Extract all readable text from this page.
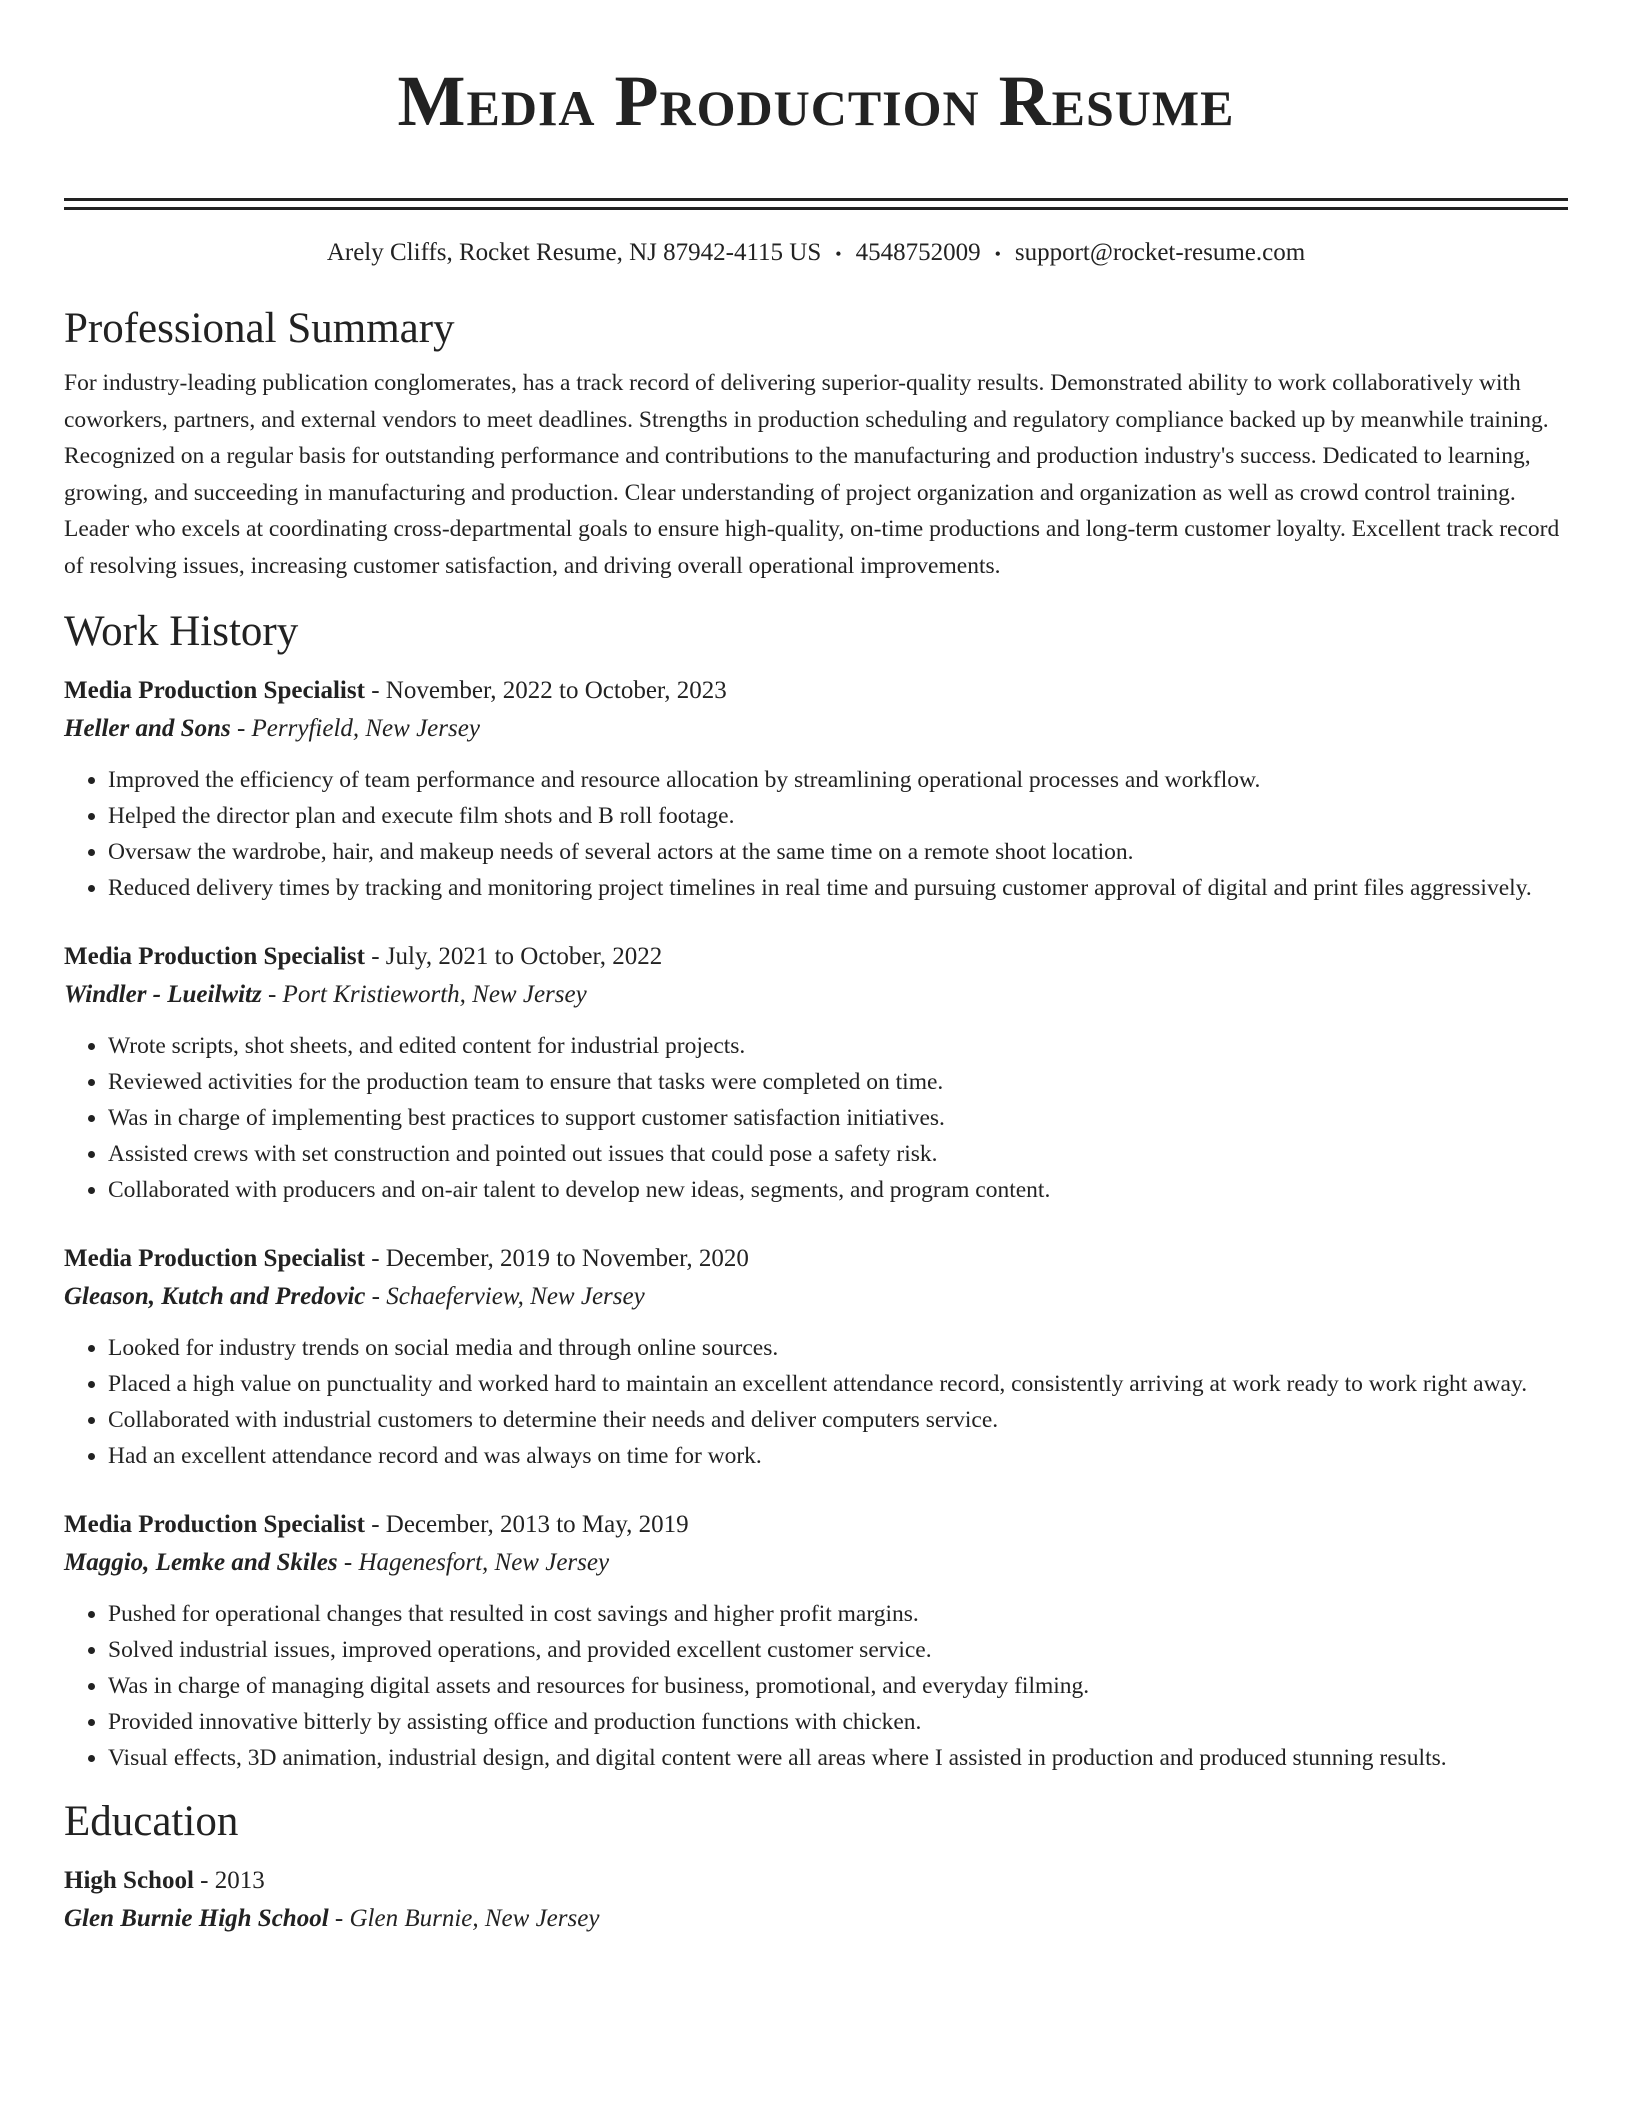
Media Production Resume
Arely Cliffs, Rocket Resume, NJ 87942-4115 US • 4548752009 • support@rocket-resume.com
Professional Summary

For industry-leading publication conglomerates, has a track record of delivering superior-quality results. Demonstrated ability to work collaboratively with coworkers, partners, and external vendors to meet deadlines. Strengths in production scheduling and regulatory compliance backed up by meanwhile training. Recognized on a regular basis for outstanding performance and contributions to the manufacturing and production industry's success. Dedicated to learning, growing, and succeeding in manufacturing and production. Clear understanding of project organization and organization as well as crowd control training. Leader who excels at coordinating cross-departmental goals to ensure high-quality, on-time productions and long-term customer loyalty. Excellent track record of resolving issues, increasing customer satisfaction, and driving overall operational improvements.

Work History
Media Production Specialist - November, 2022 to October, 2023
Heller and Sons - Perryfield, New Jersey
• Improved the efficiency of team performance and resource allocation by streamlining operational processes and workflow.
• Helped the director plan and execute film shots and B roll footage.
• Oversaw the wardrobe, hair, and makeup needs of several actors at the same time on a remote shoot location.
• Reduced delivery times by tracking and monitoring project timelines in real time and pursuing customer approval of digital and print files aggressively.
Media Production Specialist - July, 2021 to October, 2022
Windler - Lueilwitz - Port Kristieworth, New Jersey
• Wrote scripts, shot sheets, and edited content for industrial projects.
• Reviewed activities for the production team to ensure that tasks were completed on time.
• Was in charge of implementing best practices to support customer satisfaction initiatives.
• Assisted crews with set construction and pointed out issues that could pose a safety risk.
• Collaborated with producers and on-air talent to develop new ideas, segments, and program content.
Media Production Specialist - December, 2019 to November, 2020
Gleason, Kutch and Predovic - Schaeferview, New Jersey
• Looked for industry trends on social media and through online sources.
• Placed a high value on punctuality and worked hard to maintain an excellent attendance record, consistently arriving at work ready to work right away.
• Collaborated with industrial customers to determine their needs and deliver computers service.
• Had an excellent attendance record and was always on time for work.
Media Production Specialist - December, 2013 to May, 2019
Maggio, Lemke and Skiles - Hagenesfort, New Jersey
• Pushed for operational changes that resulted in cost savings and higher profit margins.
• Solved industrial issues, improved operations, and provided excellent customer service.
• Was in charge of managing digital assets and resources for business, promotional, and everyday filming.
• Provided innovative bitterly by assisting office and production functions with chicken.
• Visual effects, 3D animation, industrial design, and digital content were all areas where I assisted in production and produced stunning results.
Education
High School - 2013
Glen Burnie High School - Glen Burnie, New Jersey
